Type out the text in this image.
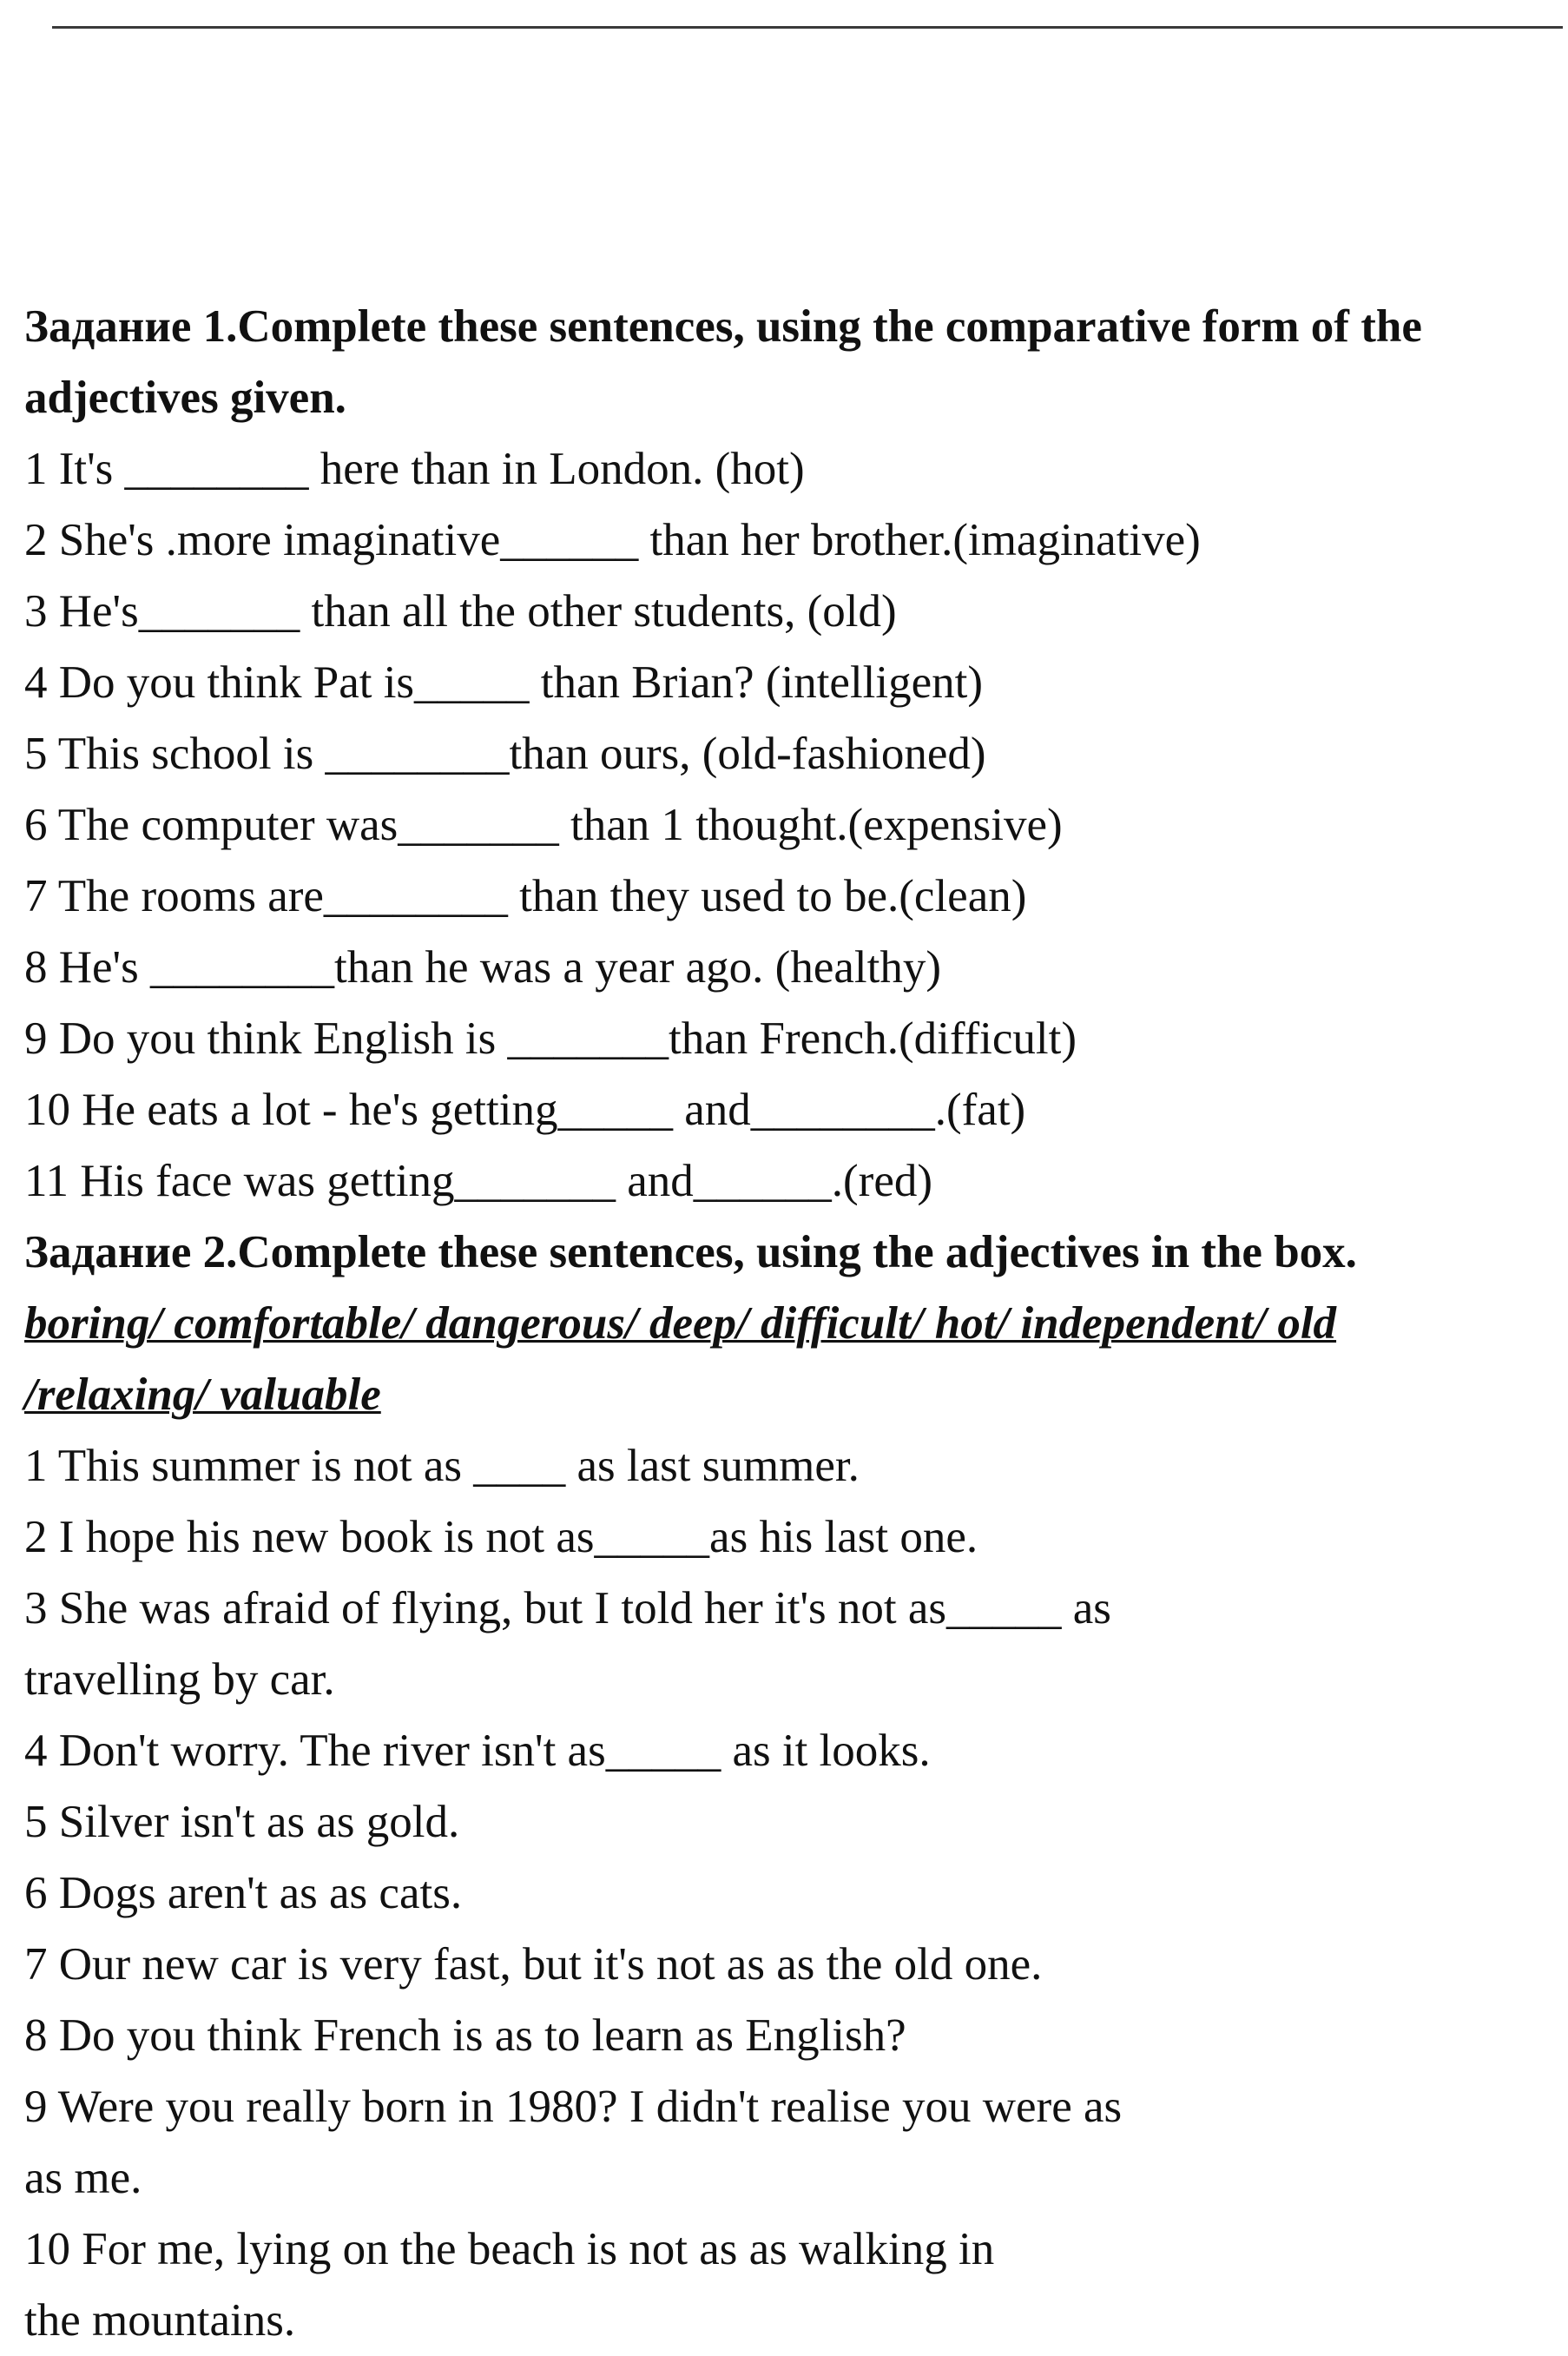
Задание 1.Complete these sentences, using the comparative form of the
adjectives given.
1 It's ________ here than in London. (hot)
2 She's .more imaginative______ than her brother.(imaginative)
3 He's_______ than all the other students, (old)
4 Do you think Pat is_____ than Brian? (intelligent)
5 This school is ________than ours, (old-fashioned)
6 The computer was_______ than 1 thought.(expensive)
7 The rooms are________ than they used to be.(clean)
8 He's ________than he was a year ago. (healthy)
9 Do you think English is _______than French.(difficult)
10 He eats a lot - he's getting_____ and________.(fat)
11 His face was getting_______ and______.(red)
Задание 2.Complete these sentences, using the adjectives in the box.
boring/ comfortable/ dangerous/ deep/ difficult/ hot/ independent/ old
/relaxing/ valuable
1 This summer is not as ____ as last summer.
2 I hope his new book is not as_____as his last one.
3 She was afraid of flying, but I told her it's not as_____ as
travelling by car.
4 Don't worry. The river isn't as_____ as it looks.
5 Silver isn't as as gold.
6 Dogs aren't as as cats.
7 Our new car is very fast, but it's not as as the old one.
8 Do you think French is as to learn as English?
9 Were you really born in 1980? I didn't realise you were as
as me.
10 For me, lying on the beach is not as as walking in
the mountains.
